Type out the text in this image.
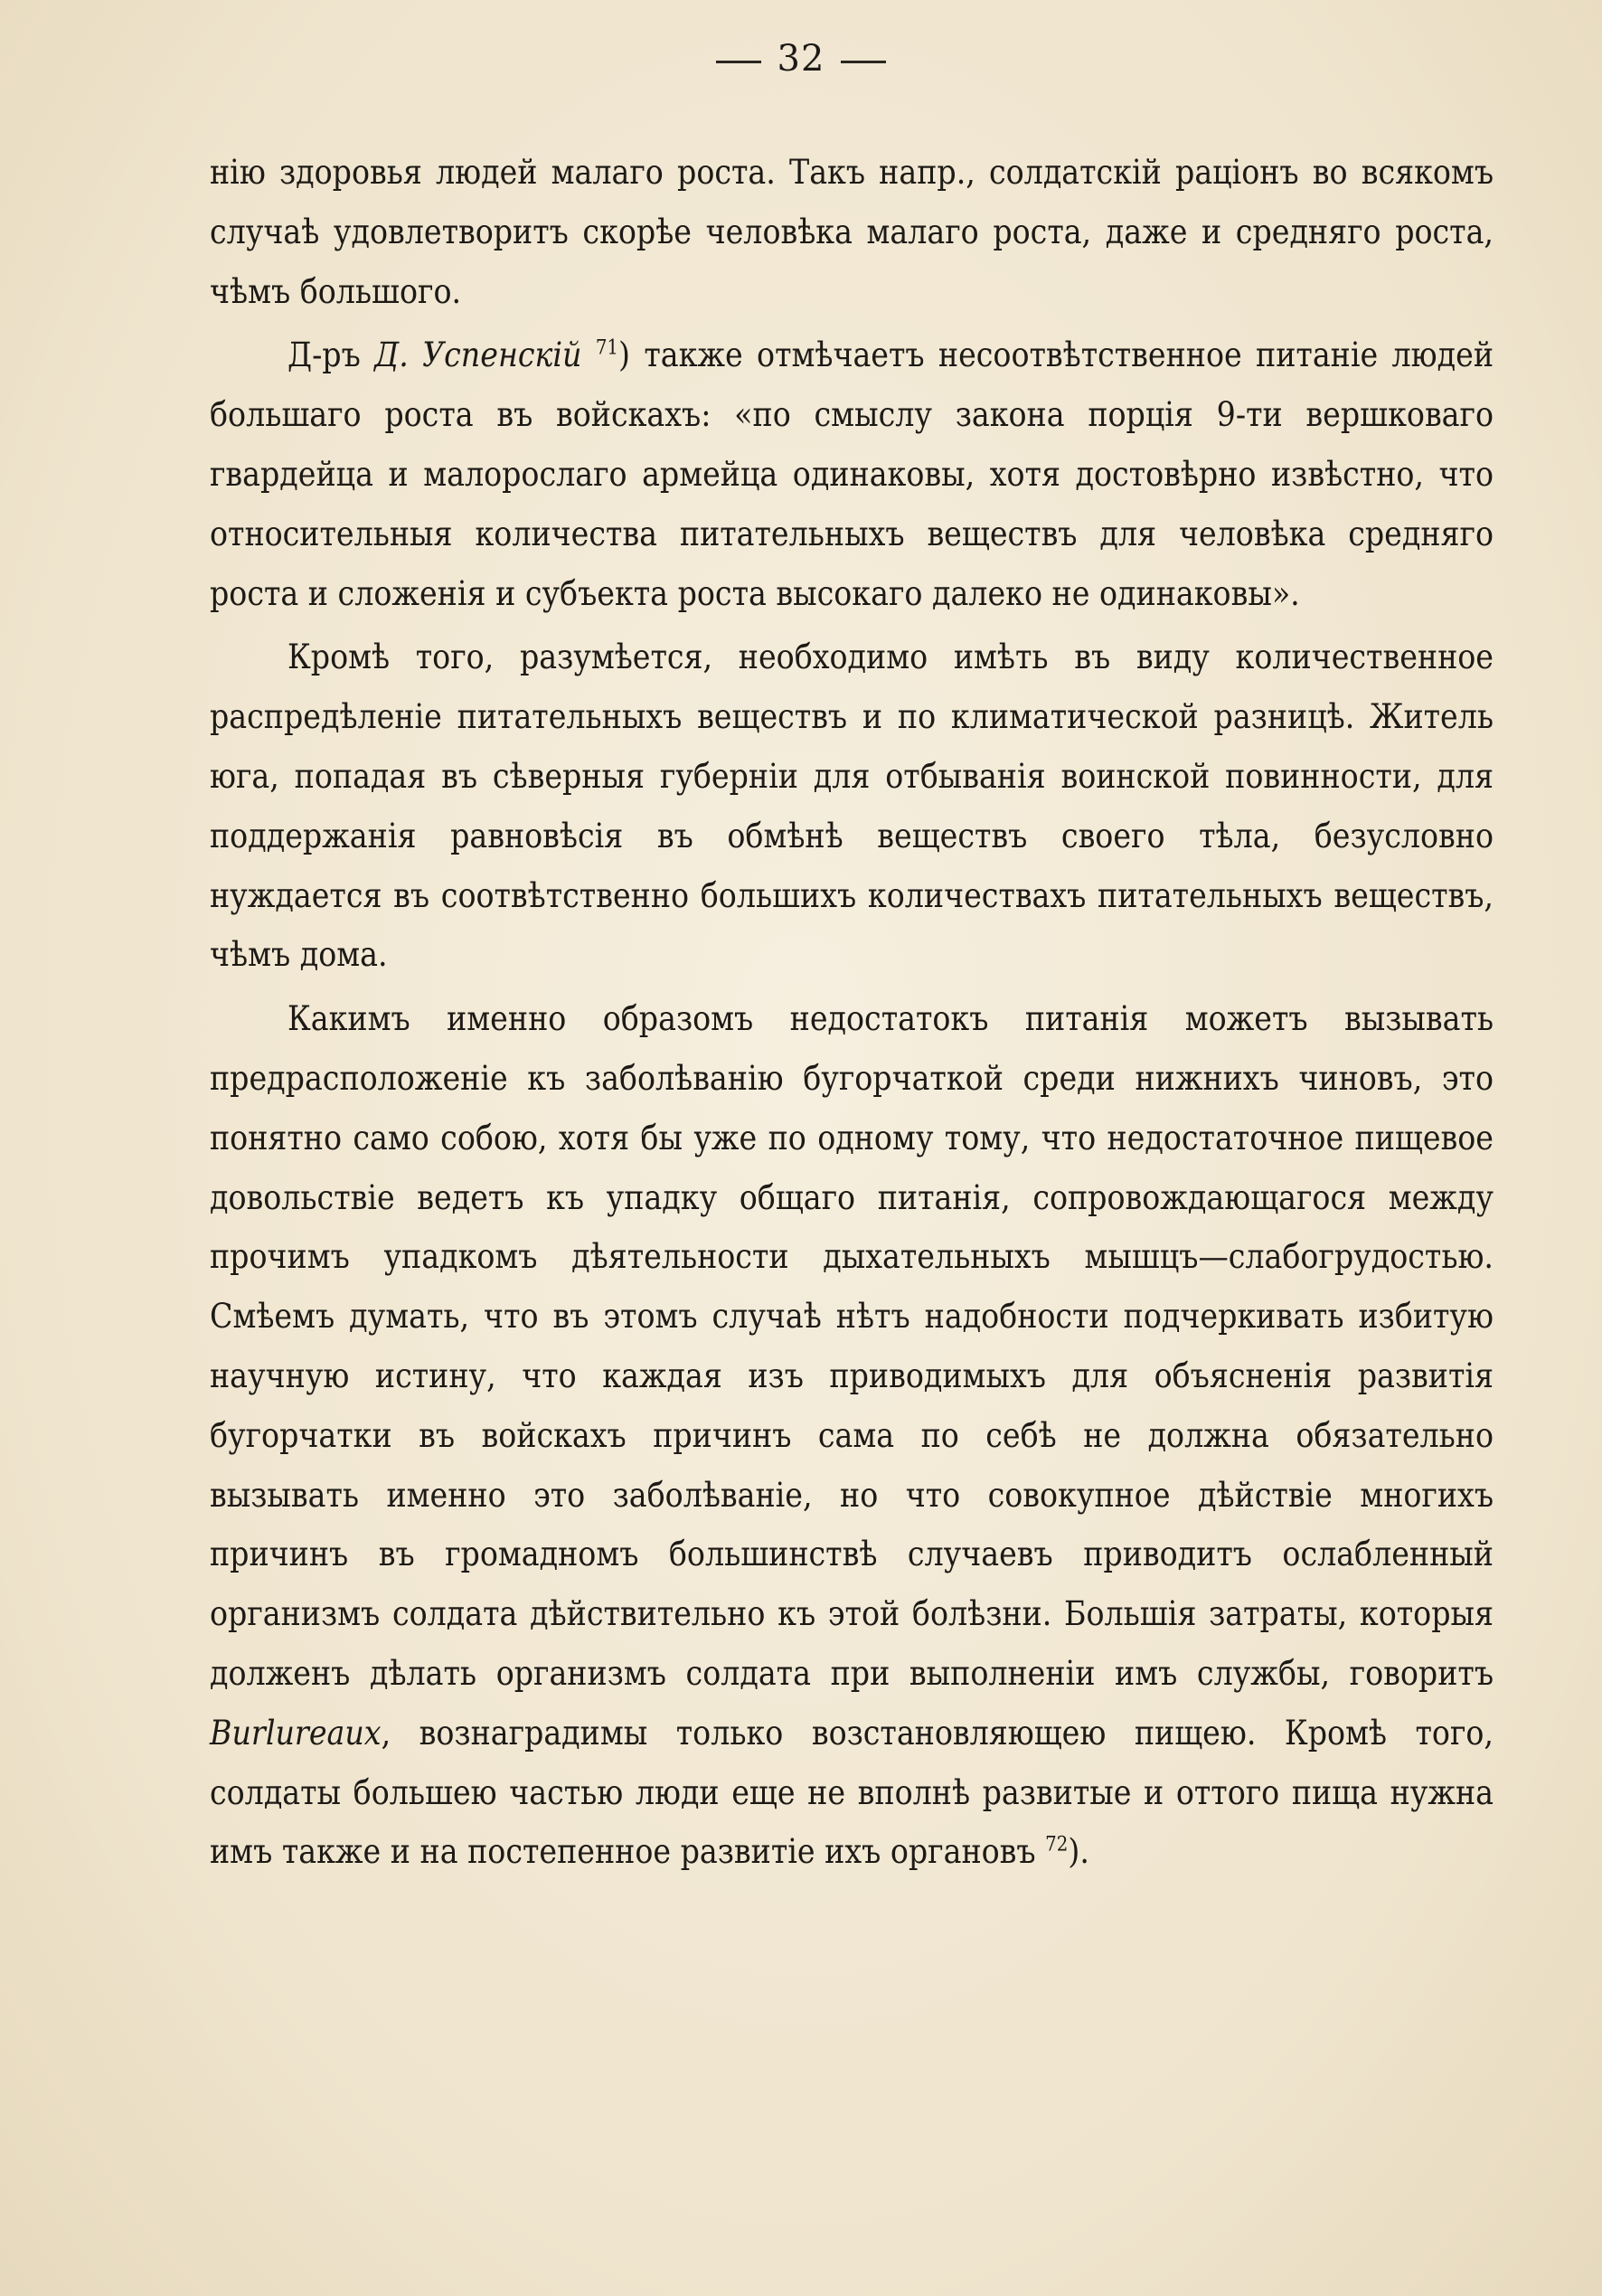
32

нію здоровья людей малаго роста. Такъ напр., солдатскій раціонъ во всякомъ случаѣ удовлетворитъ скорѣе человѣка малаго роста, даже и средняго роста, чѣмъ большого.

Д-ръ Д. Успенскій $^{71}$) также отмѣчаетъ несоотвѣтственное питаніе людей большаго роста въ войскахъ: «по смыслу закона порція 9-ти вершковаго гвардейца и малорослаго армейца одинаковы, хотя достовѣрно извѣстно, что относительныя количества питательныхъ веществъ для человѣка средняго роста и сложенія и субъекта роста высокаго далеко не одинаковы».

Кромѣ того, разумѣется, необходимо имѣть въ виду количественное распредѣленіе питательныхъ веществъ и по климатической разницѣ. Житель юга, попадая въ сѣверныя губерніи для отбыванія воинской повинности, для поддержанія равновѣсія въ обмѣнѣ веществъ своего тѣла, безусловно нуждается въ соотвѣтственно большихъ количествахъ питательныхъ веществъ, чѣмъ дома.

Какимъ именно образомъ недостатокъ питанія можетъ вызывать предрасположеніе къ заболѣванію бугорчаткой среди нижнихъ чиновъ, это понятно само собою, хотя бы уже по одному тому, что недостаточное пищевое довольствіе ведетъ къ упадку общаго питанія, сопровождающагося между прочимъ упадкомъ дѣятельности дыхательныхъ мышцъ—слабогрудостью. Смѣемъ думать, что въ этомъ случаѣ нѣтъ надобности подчеркивать избитую научную истину, что каждая изъ приводимыхъ для объясненія развитія бугорчатки въ войскахъ причинъ сама по себѣ не должна обязательно вызывать именно это заболѣваніе, но что совокупное дѣйствіе многихъ причинъ въ громадномъ большинствѣ случаевъ приводитъ ослабленный организмъ солдата дѣйствительно къ этой болѣзни. Большія затраты, которыя долженъ дѣлать организмъ солдата при выполненіи имъ службы, говоритъ Burlureaux, вознаградимы только возстановляющею пищею. Кромѣ того, солдаты большею частью люди еще не вполнѣ развитые и оттого пища нужна имъ также и на постепенное развитіе ихъ органовъ $^{72}$).
